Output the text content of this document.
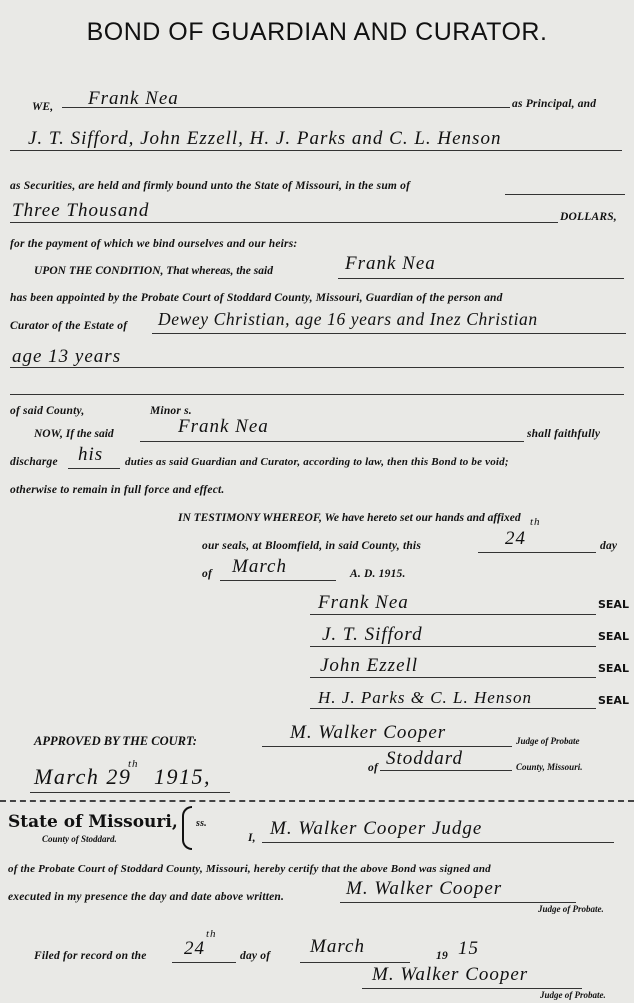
BOND OF GUARDIAN AND CURATOR.
WE, Frank Nea	as Principal, and
J. T. Sifford, John Ezzell, H. J. Parks and C. L. Henson
as Securities, are held and firmly bound unto the State of Missouri, in the sum of
Three Thousand	DOLLARS,
for the payment of which we bind ourselves and our heirs:
UPON THE CONDITION, That whereas, the said	Frank Nea
has been appointed by the Probate Court of Stoddard County, Missouri, Guardian of the person and
Curator of the Estate of Dewey Christian, age 16 years and Inez Christian
age 13 years
of said County,	Minor s.
NOW, If the said	Frank Nea	shall faithfully
discharge his duties as said Guardian and Curator, according to law, then this Bond to be void;
otherwise to remain in full force and effect.
IN TESTIMONY WHEREOF, We have hereto set our hands and affixed
our seals, at Bloomfield, in said County, this	24
th
day
of March	A. D. 1915.
Frank Nea	SEAL
J. T. Sifford	SEAL
John Ezzell	SEAL
H. J. Parks & C. L. Henson	SEAL
APPROVED BY THE COURT:	M. Walker Cooper	Judge of Probate
of Stoddard	County, Missouri.
March 29
th 1915,
State of Missouri, ss.
County of Stoddard.	I, M. Walker Cooper Judge
of the Probate Court of Stoddard County, Missouri, hereby certify that the above Bond was signed and
executed in my presence the day and date above written.	M. Walker Cooper
Judge of Probate.
Filed for record on the 24
th
day of March	19 15
M. Walker Cooper
Judge of Probate.
